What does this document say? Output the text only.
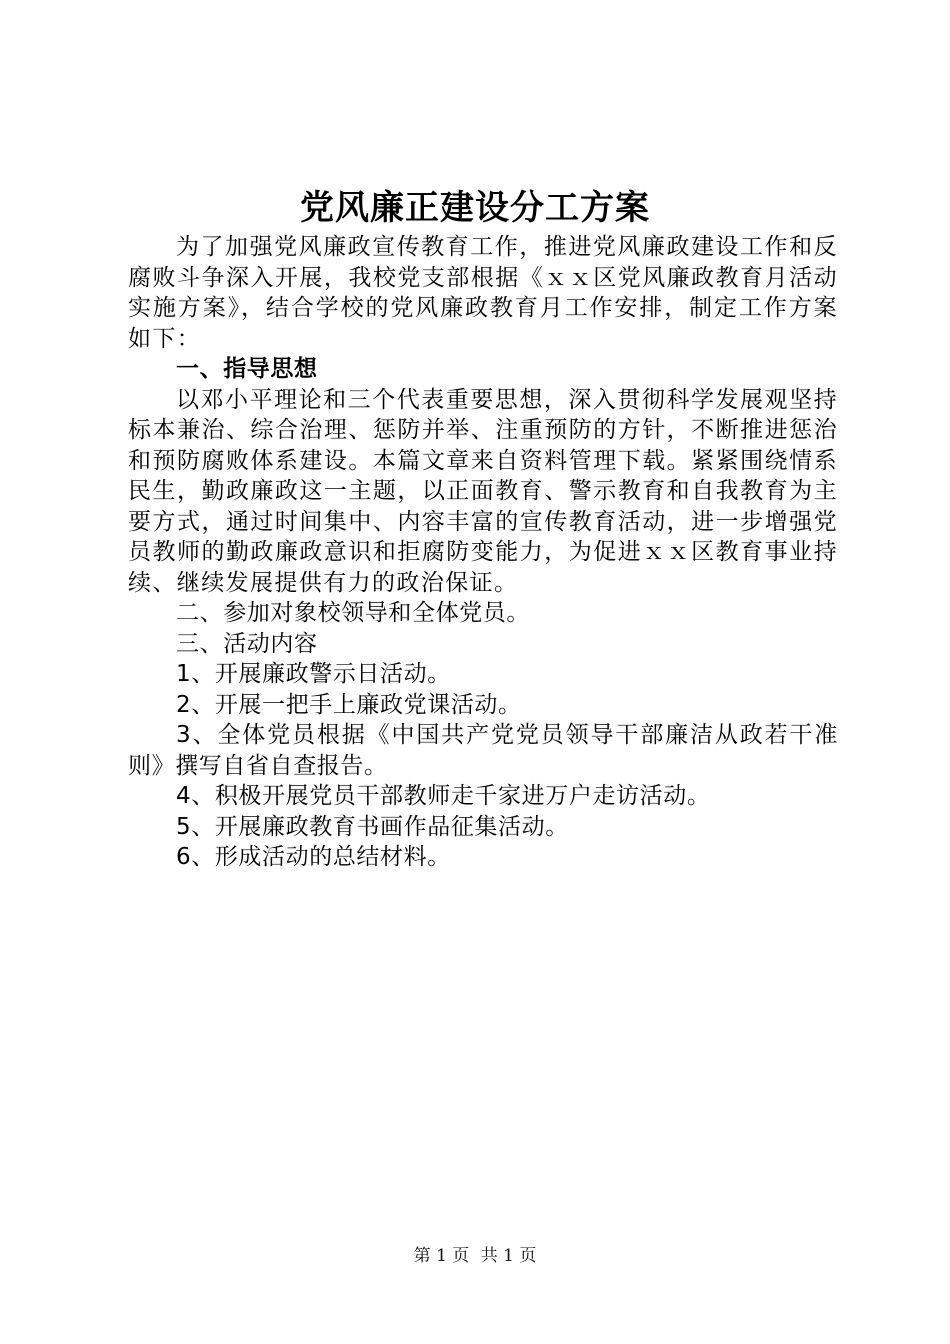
党风廉正建设分工方案

为了加强党风廉政宣传教育工作，推进党风廉政建设工作和反腐败斗争深入开展，我校党支部根据《ｘｘ区党风廉政教育月活动实施方案》，结合学校的党风廉政教育月工作安排，制定工作方案如下：

一、指导思想

以邓小平理论和三个代表重要思想，深入贯彻科学发展观坚持标本兼治、综合治理、惩防并举、注重预防的方针，不断推进惩治和预防腐败体系建设。本篇文章来自资料管理下载。紧紧围绕情系民生，勤政廉政这一主题，以正面教育、警示教育和自我教育为主要方式，通过时间集中、内容丰富的宣传教育活动，进一步增强党员教师的勤政廉政意识和拒腐防变能力，为促进ｘｘ区教育事业持续、继续发展提供有力的政治保证。

二、参加对象校领导和全体党员。

三、活动内容

1、开展廉政警示日活动。

2、开展一把手上廉政党课活动。

3、全体党员根据《中国共产党党员领导干部廉洁从政若干准则》撰写自省自查报告。

4、积极开展党员干部教师走千家进万户走访活动。

5、开展廉政教育书画作品征集活动。

6、形成活动的总结材料。

第 1 页 共 1 页
